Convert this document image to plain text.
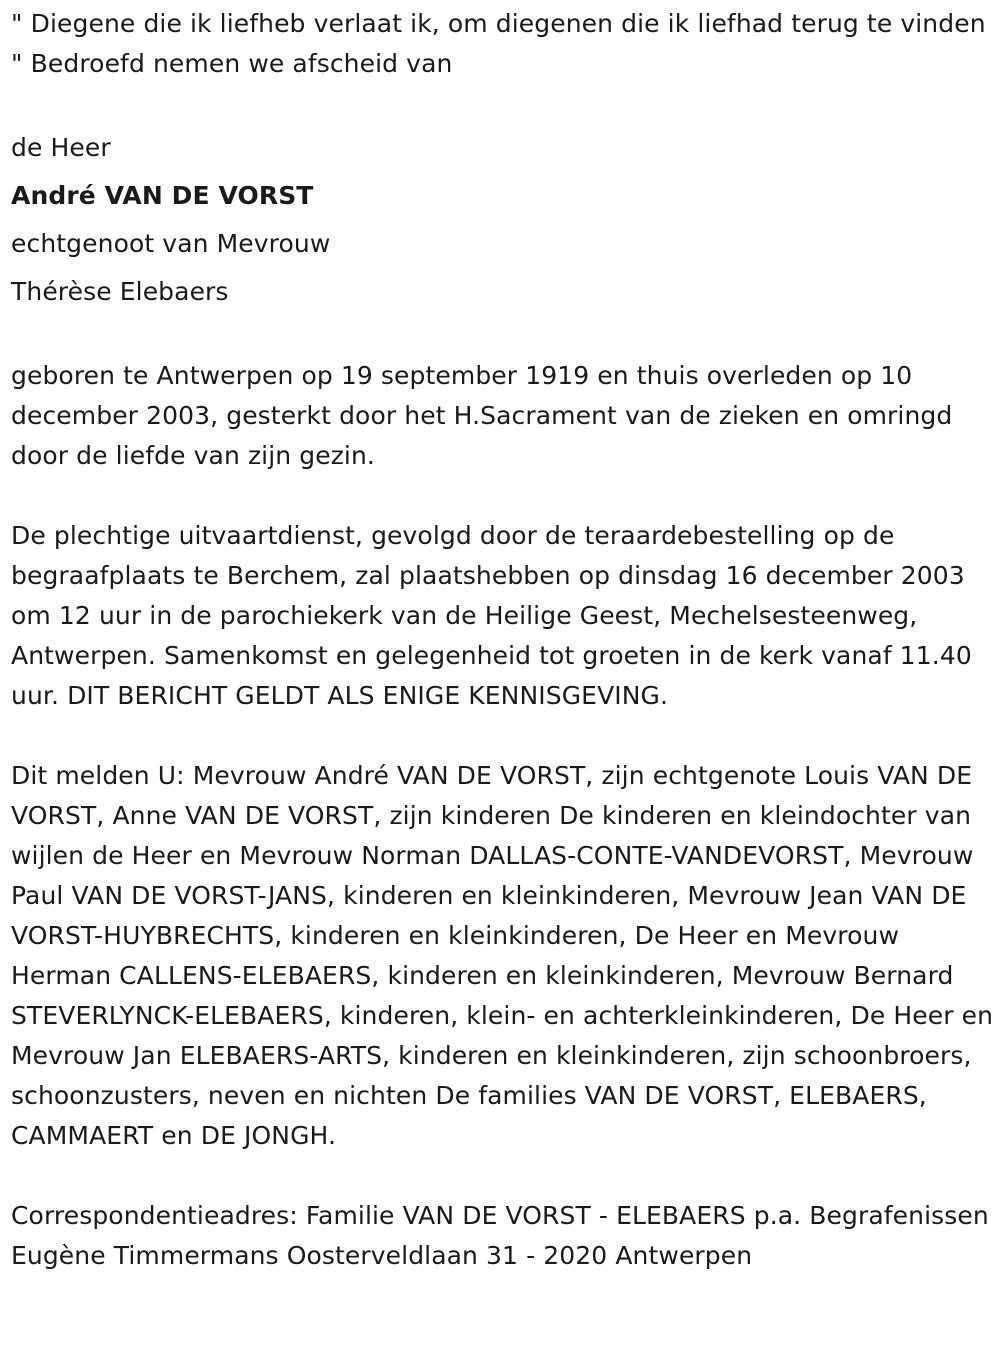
" Diegene die ik liefheb verlaat ik, om diegenen die ik liefhad terug te vinden " Bedroefd nemen we afscheid van

de Heer

André VAN DE VORST

echtgenoot van Mevrouw

Thérèse Elebaers

geboren te Antwerpen op 19 september 1919 en thuis overleden op 10 december 2003, gesterkt door het H.Sacrament van de zieken en omringd door de liefde van zijn gezin.

De plechtige uitvaartdienst, gevolgd door de teraardebestelling op de begraafplaats te Berchem, zal plaatshebben op dinsdag 16 december 2003 om 12 uur in de parochiekerk van de Heilige Geest, Mechelsesteenweg, Antwerpen. Samenkomst en gelegenheid tot groeten in de kerk vanaf 11.40 uur. DIT BERICHT GELDT ALS ENIGE KENNISGEVING.

Dit melden U: Mevrouw André VAN DE VORST, zijn echtgenote Louis VAN DE VORST, Anne VAN DE VORST, zijn kinderen De kinderen en kleindochter van wijlen de Heer en Mevrouw Norman DALLAS-CONTE-VANDEVORST, Mevrouw Paul VAN DE VORST-JANS, kinderen en kleinkinderen, Mevrouw Jean VAN DE VORST-HUYBRECHTS, kinderen en kleinkinderen, De Heer en Mevrouw Herman CALLENS-ELEBAERS, kinderen en kleinkinderen, Mevrouw Bernard STEVERLYNCK-ELEBAERS, kinderen, klein- en achterkleinkinderen, De Heer en Mevrouw Jan ELEBAERS-ARTS, kinderen en kleinkinderen, zijn schoonbroers, schoonzusters, neven en nichten De families VAN DE VORST, ELEBAERS, CAMMAERT en DE JONGH.

Correspondentieadres: Familie VAN DE VORST - ELEBAERS p.a. Begrafenissen Eugène Timmermans Oosterveldlaan 31 - 2020 Antwerpen
